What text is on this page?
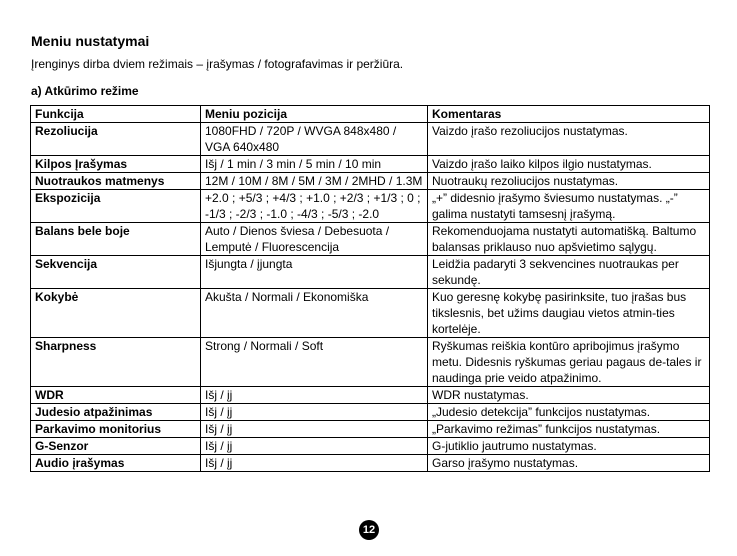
Meniu nustatymai
Įrenginys dirba dviem režimais – įrašymas / fotografavimas ir peržiūra.
a) Atkūrimo režime
Funkcija	Meniu pozicija	Komentaras
Rezoliucija	1080FHD / 720P / WVGA 848x480 / VGA 640x480	Vaizdo įrašo rezoliucijos nustatymas.
Kilpos Įrašymas	Išj / 1 min / 3 min / 5 min / 10 min	Vaizdo įrašo laiko kilpos ilgio nustatymas.
Nuotraukos matmenys	12M / 10M / 8M / 5M / 3M / 2MHD / 1.3M	Nuotraukų rezoliucijos nustatymas.
Ekspozicija	+2.0 ; +5/3 ; +4/3 ; +1.0 ; +2/3 ; +1/3 ; 0 ; -1/3 ; -2/3 ; -1.0 ; -4/3 ; -5/3 ; -2.0	„+” didesnio įrašymo šviesumo nustatymas. „-” galima nustatyti tamsesnį įrašymą.
Balans bele boje	Auto / Dienos šviesa / Debesuota / Lemputė / Fluorescencija	Rekomenduojama nustatyti automatišką. Baltumo balansas priklauso nuo apšvietimo sąlygų.
Sekvencija	Išjungta / įjungta	Leidžia padaryti 3 sekvencines nuotraukas per sekundę.
Kokybė	Akušta / Normali / Ekonomiška	Kuo geresnę kokybę pasirinksite, tuo įrašas bus tikslesnis, bet užims daugiau vietos atmin-ties kortelėje.
Sharpness	Strong / Normali / Soft	Ryškumas reiškia kontūro apribojimus įrašymo metu. Didesnis ryškumas geriau pagaus de-tales ir naudinga prie veido atpažinimo.
WDR	Išj / įj	WDR nustatymas.
Judesio atpažinimas	Išj / įj	„Judesio detekcija” funkcijos nustatymas.
Parkavimo monitorius	Išj / įj	„Parkavimo režimas” funkcijos nustatymas.
G-Senzor	Išj / įj	G-jutiklio jautrumo nustatymas.
Audio įrašymas	Išj / įj	Garso įrašymo nustatymas.
12
